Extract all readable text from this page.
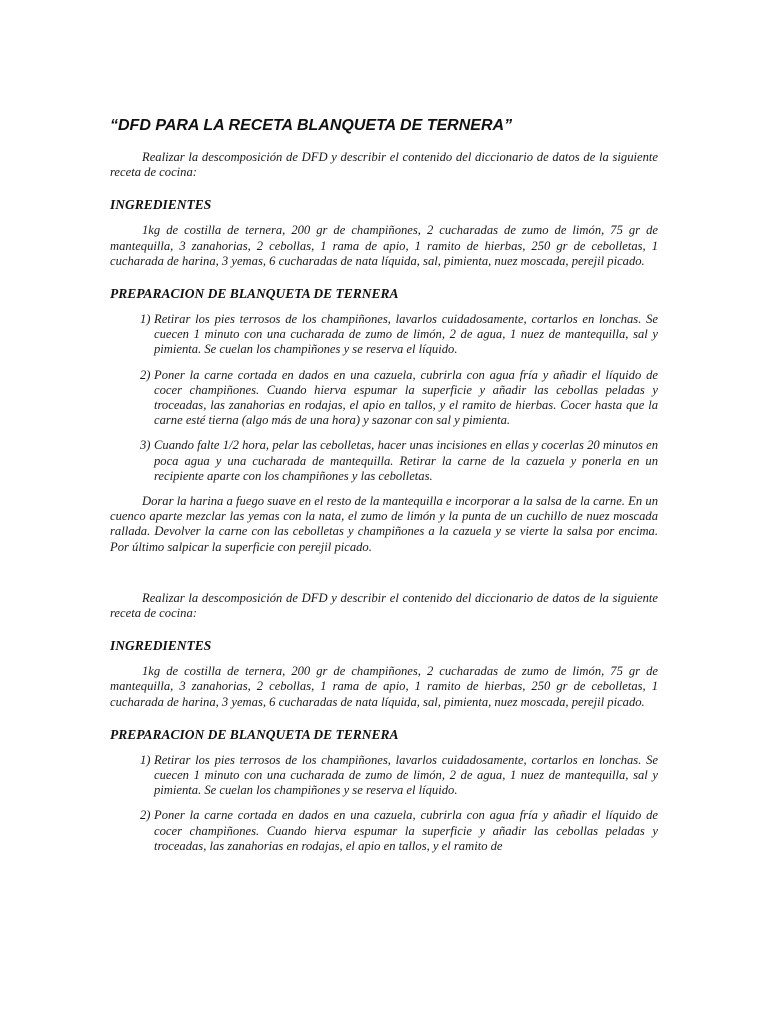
“DFD PARA LA RECETA BLANQUETA DE TERNERA”

Realizar la descomposición de DFD y describir el contenido del diccionario de datos de la siguiente receta de cocina:

INGREDIENTES

1kg de costilla de ternera, 200 gr de champiñones, 2 cucharadas de zumo de limón, 75 gr de mantequilla, 3 zanahorias, 2 cebollas, 1 rama de apio, 1 ramito de hierbas, 250 gr de cebolletas, 1 cucharada de harina, 3 yemas, 6 cucharadas de nata líquida, sal, pimienta, nuez moscada, perejil picado.

PREPARACION DE BLANQUETA DE TERNERA

1) Retirar los pies terrosos de los champiñones, lavarlos cuidadosamente, cortarlos en lonchas. Se cuecen 1 minuto con una cucharada de zumo de limón, 2 de agua, 1 nuez de mantequilla, sal y pimienta. Se cuelan los champiñones y se reserva el líquido.
2) Poner la carne cortada en dados en una cazuela, cubrirla con agua fría y añadir el líquido de cocer champiñones. Cuando hierva espumar la superficie y añadir las cebollas peladas y troceadas, las zanahorias en rodajas, el apio en tallos, y el ramito de hierbas. Cocer hasta que la carne esté tierna (algo más de una hora) y sazonar con sal y pimienta.
3) Cuando falte 1/2 hora, pelar las cebolletas, hacer unas incisiones en ellas y cocerlas 20 minutos en poca agua y una cucharada de mantequilla. Retirar la carne de la cazuela y ponerla en un recipiente aparte con los champiñones y las cebolletas.

Dorar la harina a fuego suave en el resto de la mantequilla e incorporar a la salsa de la carne. En un cuenco aparte mezclar las yemas con la nata, el zumo de limón y la punta de un cuchillo de nuez moscada rallada. Devolver la carne con las cebolletas y champiñones a la cazuela y se vierte la salsa por encima. Por último salpicar la superficie con perejil picado.

Realizar la descomposición de DFD y describir el contenido del diccionario de datos de la siguiente receta de cocina:

INGREDIENTES

1kg de costilla de ternera, 200 gr de champiñones, 2 cucharadas de zumo de limón, 75 gr de mantequilla, 3 zanahorias, 2 cebollas, 1 rama de apio, 1 ramito de hierbas, 250 gr de cebolletas, 1 cucharada de harina, 3 yemas, 6 cucharadas de nata líquida, sal, pimienta, nuez moscada, perejil picado.

PREPARACION DE BLANQUETA DE TERNERA

1) Retirar los pies terrosos de los champiñones, lavarlos cuidadosamente, cortarlos en lonchas. Se cuecen 1 minuto con una cucharada de zumo de limón, 2 de agua, 1 nuez de mantequilla, sal y pimienta. Se cuelan los champiñones y se reserva el líquido.
2) Poner la carne cortada en dados en una cazuela, cubrirla con agua fría y añadir el líquido de cocer champiñones. Cuando hierva espumar la superficie y añadir las cebollas peladas y troceadas, las zanahorias en rodajas, el apio en tallos, y el ramito de
